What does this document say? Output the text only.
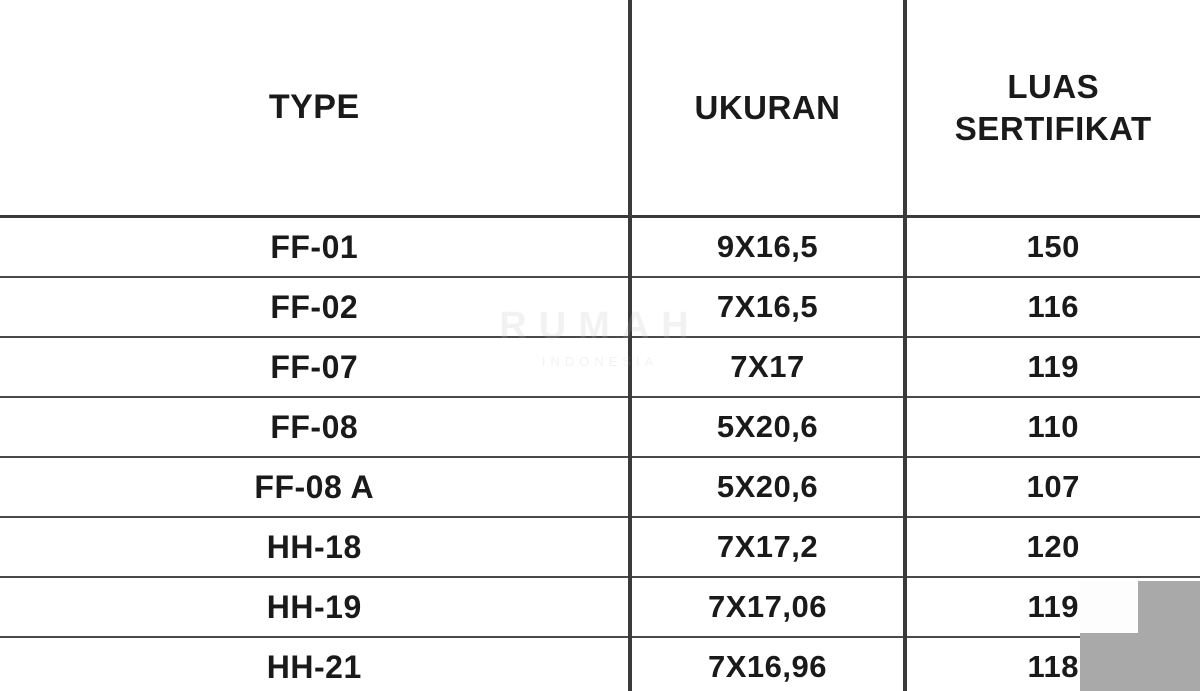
TYPE	UKURAN	LUAS
SERTIFIKAT
FF-01	9X16,5	150
FF-02	7X16,5	116
FF-07	7X17	119
FF-08	5X20,6	110
FF-08 A	5X20,6	107
HH-18	7X17,2	120
HH-19	7X17,06	119
HH-21	7X16,96	118
